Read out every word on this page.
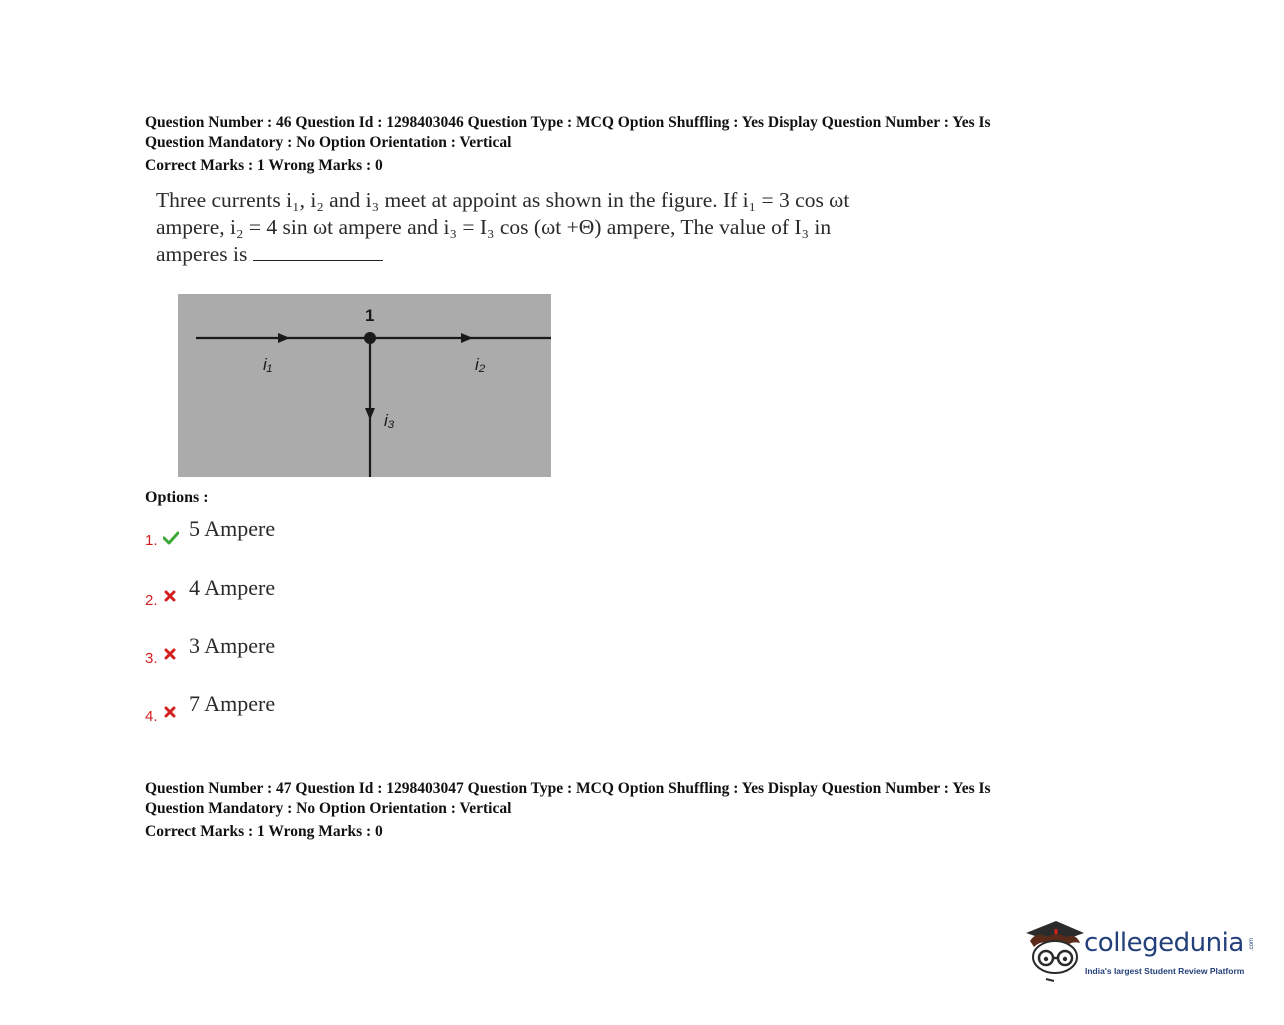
Question Number : 46 Question Id : 1298403046 Question Type : MCQ Option Shuffling : Yes Display Question Number : Yes Is
Question Mandatory : No Option Orientation : Vertical
Correct Marks : 1 Wrong Marks : 0
Three currents i₁, i₂ and i₃ meet at appoint as shown in the figure. If i₁ = 3 cos ωt
ampere, i₂ = 4 sin ωt ampere and i₃ = I₃ cos (ωt +Θ) ampere, The value of I₃ in
amperes is
1
i₁	i₂
i₃
Options :
1. 5 Ampere
2.
4 Ampere
3.
3 Ampere
4.
7 Ampere
Question Number : 47 Question Id : 1298403047 Question Type : MCQ Option Shuffling : Yes Display Question Number : Yes Is
Question Mandatory : No Option Orientation : Vertical
Correct Marks : 1 Wrong Marks : 0
.com
collegedunia
India's largest Student Review Platform
